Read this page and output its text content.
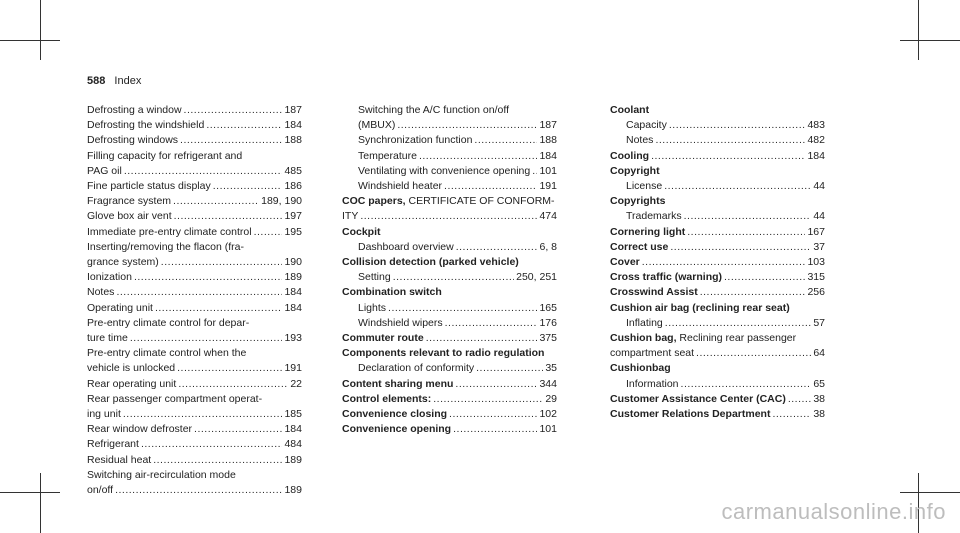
588 Index
Defrosting a window .....	187
Defrosting the windshield .....	184
Defrosting windows .....	188
Filling capacity for refrigerant and
PAG oil .....	485
Fine particle status display .....	186
Fragrance system .....	189, 190
Glove box air vent .....	197
Immediate pre-entry climate control .....	195
Inserting/removing the flacon (fra-
grance system) .....	190
Ionization .....	189
Notes .....	184
Operating unit .....	184
Pre-entry climate control for depar-
ture time .....	193
Pre-entry climate control when the
vehicle is unlocked .....	191
Rear operating unit .....	22
Rear passenger compartment operat-
ing unit .....	185
Rear window defroster .....	184
Refrigerant .....	484
Residual heat .....	189
Switching air-recirculation mode
on/off .....	189
Switching the A/C function on/off
(MBUX) .....	187
Synchronization function .....	188
Temperature .....	184
Ventilating with convenience opening ..... 101
Windshield heater .....	191
COC papers, CERTIFICATE OF CONFORM-
ITY .....	474
Cockpit
Dashboard overview .....	6, 8
Collision detection (parked vehicle)
Setting .....	250, 251
Combination switch
Lights .....	165
Windshield wipers .....	176
Commuter route .....	375
Components relevant to radio regulation
Declaration of conformity .....	35
Content sharing menu .....	344
Control elements: .....	29
Convenience closing .....	102
Convenience opening .....	101
Coolant
Capacity .....	483
Notes .....	482
Cooling .....	184
Copyright
License .....	44
Copyrights
Trademarks .....	44
Cornering light .....	167
Correct use .....	37
Cover .....	103
Cross traffic (warning) .....	315
Crosswind Assist .....	256
Cushion air bag (reclining rear seat)
Inflating .....	57
Cushion bag, Reclining rear passenger
compartment seat .....	64
Cushionbag
Information .....	65
Customer Assistance Center (CAC) .....	38
Customer Relations Department .....	38
carmanualsonline.info
